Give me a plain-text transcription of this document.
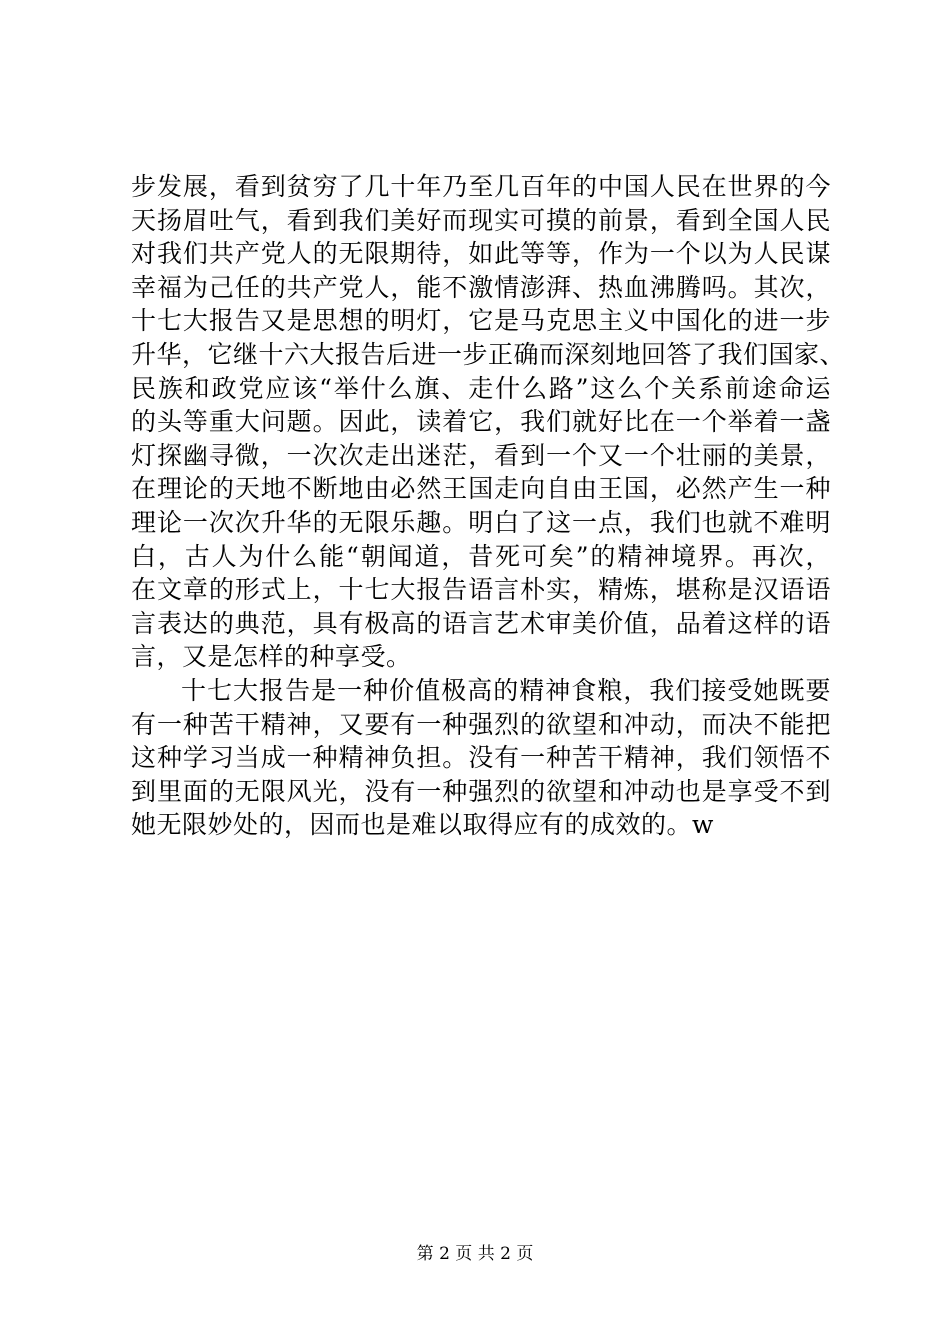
步发展，看到贫穷了几十年乃至几百年的中国人民在世界的今
天扬眉吐气，看到我们美好而现实可摸的前景，看到全国人民
对我们共产党人的无限期待，如此等等，作为一个以为人民谋
幸福为己任的共产党人，能不激情澎湃、热血沸腾吗。其次，
十七大报告又是思想的明灯，它是马克思主义中国化的进一步
升华，它继十六大报告后进一步正确而深刻地回答了我们国家、
民族和政党应该“举什么旗、走什么路”这么个关系前途命运
的头等重大问题。因此，读着它，我们就好比在一个举着一盏
灯探幽寻微，一次次走出迷茫，看到一个又一个壮丽的美景，
在理论的天地不断地由必然王国走向自由王国，必然产生一种
理论一次次升华的无限乐趣。明白了这一点，我们也就不难明
白，古人为什么能“朝闻道，昔死可矣”的精神境界。再次，
在文章的形式上，十七大报告语言朴实，精炼，堪称是汉语语
言表达的典范，具有极高的语言艺术审美价值，品着这样的语
言，又是怎样的种享受。
十七大报告是一种价值极高的精神食粮，我们接受她既要
有一种苦干精神，又要有一种强烈的欲望和冲动，而决不能把
这种学习当成一种精神负担。没有一种苦干精神，我们领悟不
到里面的无限风光，没有一种强烈的欲望和冲动也是享受不到
她无限妙处的，因而也是难以取得应有的成效的。w
第 2 页 共 2 页
